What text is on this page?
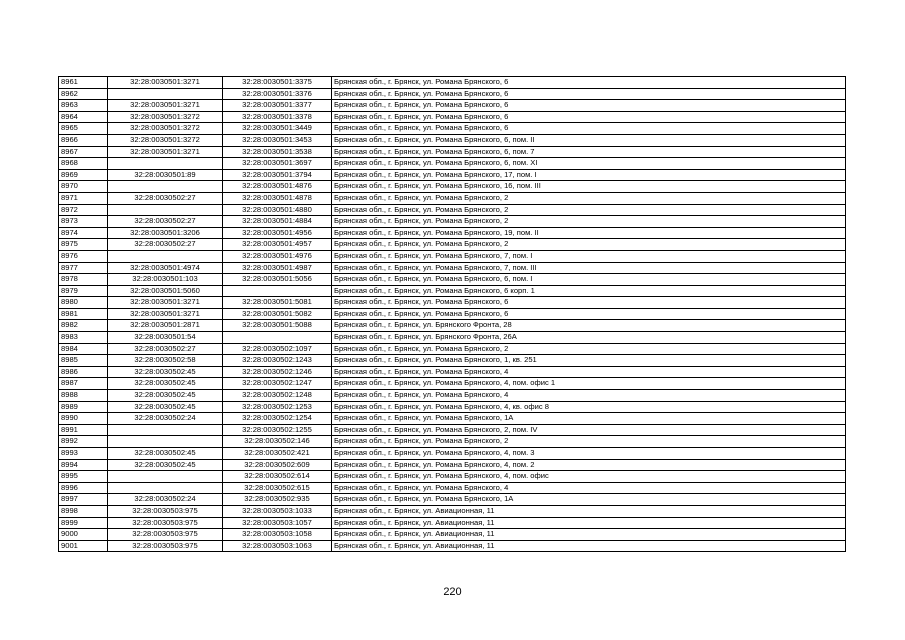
8961	32:28:0030501:3271	32:28:0030501:3375	Брянская обл., г. Брянск, ул. Романа Брянского, 6
8962		32:28:0030501:3376	Брянская обл., г. Брянск, ул. Романа Брянского, 6
8963	32:28:0030501:3271	32:28:0030501:3377	Брянская обл., г. Брянск, ул. Романа Брянского, 6
8964	32:28:0030501:3272	32:28:0030501:3378	Брянская обл., г. Брянск, ул. Романа Брянского, 6
8965	32:28:0030501:3272	32:28:0030501:3449	Брянская обл., г. Брянск, ул. Романа Брянского, 6
8966	32:28:0030501:3272	32:28:0030501:3453	Брянская обл., г. Брянск, ул. Романа Брянского, 6, пом. II
8967	32:28:0030501:3271	32:28:0030501:3538	Брянская обл., г. Брянск, ул. Романа Брянского, 6, пом. 7
8968		32:28:0030501:3697	Брянская обл., г. Брянск, ул. Романа Брянского, 6, пом. XI
8969	32:28:0030501:89	32:28:0030501:3794	Брянская обл., г. Брянск, ул. Романа Брянского, 17, пом. I
8970		32:28:0030501:4876	Брянская обл., г. Брянск, ул. Романа Брянского, 16, пом. III
8971	32:28:0030502:27	32:28:0030501:4878	Брянская обл., г. Брянск, ул. Романа Брянского, 2
8972		32:28:0030501:4880	Брянская обл., г. Брянск, ул. Романа Брянского, 2
8973	32:28:0030502:27	32:28:0030501:4884	Брянская обл., г. Брянск, ул. Романа Брянского, 2
8974	32:28:0030501:3206	32:28:0030501:4956	Брянская обл., г. Брянск, ул. Романа Брянского, 19, пом. II
8975	32:28:0030502:27	32:28:0030501:4957	Брянская обл., г. Брянск, ул. Романа Брянского, 2
8976		32:28:0030501:4976	Брянская обл., г. Брянск, ул. Романа Брянского, 7, пом. I
8977	32:28:0030501:4974	32:28:0030501:4987	Брянская обл., г. Брянск, ул. Романа Брянского, 7, пом. III
8978	32:28:0030501:103	32:28:0030501:5056	Брянская обл., г. Брянск, ул. Романа Брянского, 6, пом. I
8979	32:28:0030501:5060		Брянская обл., г. Брянск, ул. Романа Брянского, 6 корп. 1
8980	32:28:0030501:3271	32:28:0030501:5081	Брянская обл., г. Брянск, ул. Романа Брянского, 6
8981	32:28:0030501:3271	32:28:0030501:5082	Брянская обл., г. Брянск, ул. Романа Брянского, 6
8982	32:28:0030501:2871	32:28:0030501:5088	Брянская обл., г. Брянск, ул. Брянского Фронта, 28
8983	32:28:0030501:54		Брянская обл., г. Брянск, ул. Брянского Фронта, 26А
8984	32:28:0030502:27	32:28:0030502:1097	Брянская обл., г. Брянск, ул. Романа Брянского, 2
8985	32:28:0030502:58	32:28:0030502:1243	Брянская обл., г. Брянск, ул. Романа Брянского, 1, кв. 251
8986	32:28:0030502:45	32:28:0030502:1246	Брянская обл., г. Брянск, ул. Романа Брянского, 4
8987	32:28:0030502:45	32:28:0030502:1247	Брянская обл., г. Брянск, ул. Романа Брянского, 4, пом. офис 1
8988	32:28:0030502:45	32:28:0030502:1248	Брянская обл., г. Брянск, ул. Романа Брянского, 4
8989	32:28:0030502:45	32:28:0030502:1253	Брянская обл., г. Брянск, ул. Романа Брянского, 4, кв. офис 8
8990	32:28:0030502:24	32:28:0030502:1254	Брянская обл., г. Брянск, ул. Романа Брянского, 1А
8991		32:28:0030502:1255	Брянская обл., г. Брянск, ул. Романа Брянского, 2, пом. IV
8992		32:28:0030502:146	Брянская обл., г. Брянск, ул. Романа Брянского, 2
8993	32:28:0030502:45	32:28:0030502:421	Брянская обл., г. Брянск, ул. Романа Брянского, 4, пом. 3
8994	32:28:0030502:45	32:28:0030502:609	Брянская обл., г. Брянск, ул. Романа Брянского, 4, пом. 2
8995		32:28:0030502:614	Брянская обл., г. Брянск, ул. Романа Брянского, 4, пом. офис
8996		32:28:0030502:615	Брянская обл., г. Брянск, ул. Романа Брянского, 4
8997	32:28:0030502:24	32:28:0030502:935	Брянская обл., г. Брянск, ул. Романа Брянского, 1А
8998	32:28:0030503:975	32:28:0030503:1033	Брянская обл., г. Брянск, ул. Авиационная, 11
8999	32:28:0030503:975	32:28:0030503:1057	Брянская обл., г. Брянск, ул. Авиационная, 11
9000	32:28:0030503:975	32:28:0030503:1058	Брянская обл., г. Брянск, ул. Авиационная, 11
9001	32:28:0030503:975	32:28:0030503:1063	Брянская обл., г. Брянск, ул. Авиационная, 11
220
